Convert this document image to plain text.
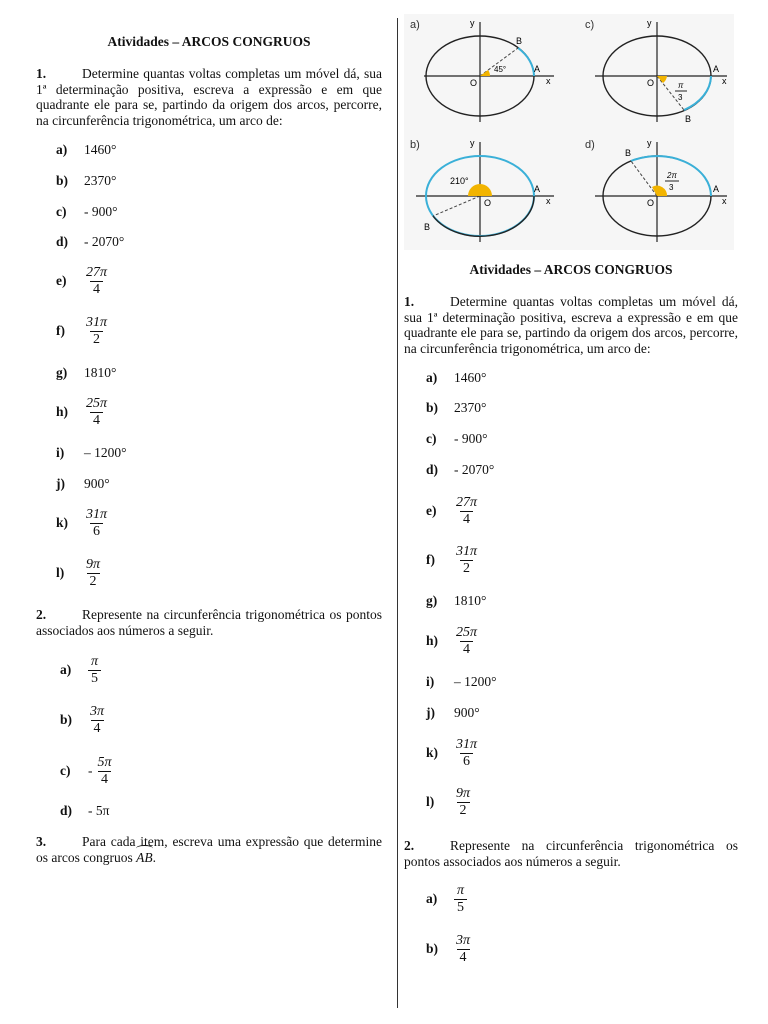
Atividades – ARCOS CONGRUOS
1.	Determine quantas voltas completas um móvel dá, sua 1ª determinação positiva, escreva a expressão e em que quadrante ele para se, partindo da origem dos arcos, percorre, na circunferência trigonométrica, um arco de:
a)	1460°
b)	2370°
c)	- 900°
d)	- 2070°
e)	$\frac{27\pi}{4}$
f)	$\frac{31\pi}{2}$
g)	1810°
h)	$\frac{25\pi}{4}$
i)	– 1200°
j)	900°
k)	$\frac{31\pi}{6}$
l)	$\frac{9\pi}{2}$
2.	Represente na circunferência trigonométrica os pontos associados aos números a seguir.
a)	$\frac{\pi}{5}$
b)	$\frac{3\pi}{4}$
c)	- $\frac{5\pi}{4}$
d)	- 5π
3.	Para cada item, escreva uma expressão que determine os arcos congruos AB.
a)
45°
B
A
O	x
y	c)
π
3
B
A
O	x
y
b)
210°
B
A
O	x
y	d)
2π
3
B
A
O	x
y
Atividades – ARCOS CONGRUOS
1.	Determine quantas voltas completas um móvel dá, sua 1ª determinação positiva, escreva a expressão e em que quadrante ele para se, partindo da origem dos arcos, percorre, na circunferência trigonométrica, um arco de:
a)	1460°
b)	2370°
c)	- 900°
d)	- 2070°
e)	$\frac{27\pi}{4}$
f)	$\frac{31\pi}{2}$
g)	1810°
h)	$\frac{25\pi}{4}$
i)	– 1200°
j)	900°
k)	$\frac{31\pi}{6}$
l)	$\frac{9\pi}{2}$
2.	Represente na circunferência trigonométrica os pontos associados aos números a seguir.
a)	$\frac{\pi}{5}$
b)	$\frac{3\pi}{4}$
